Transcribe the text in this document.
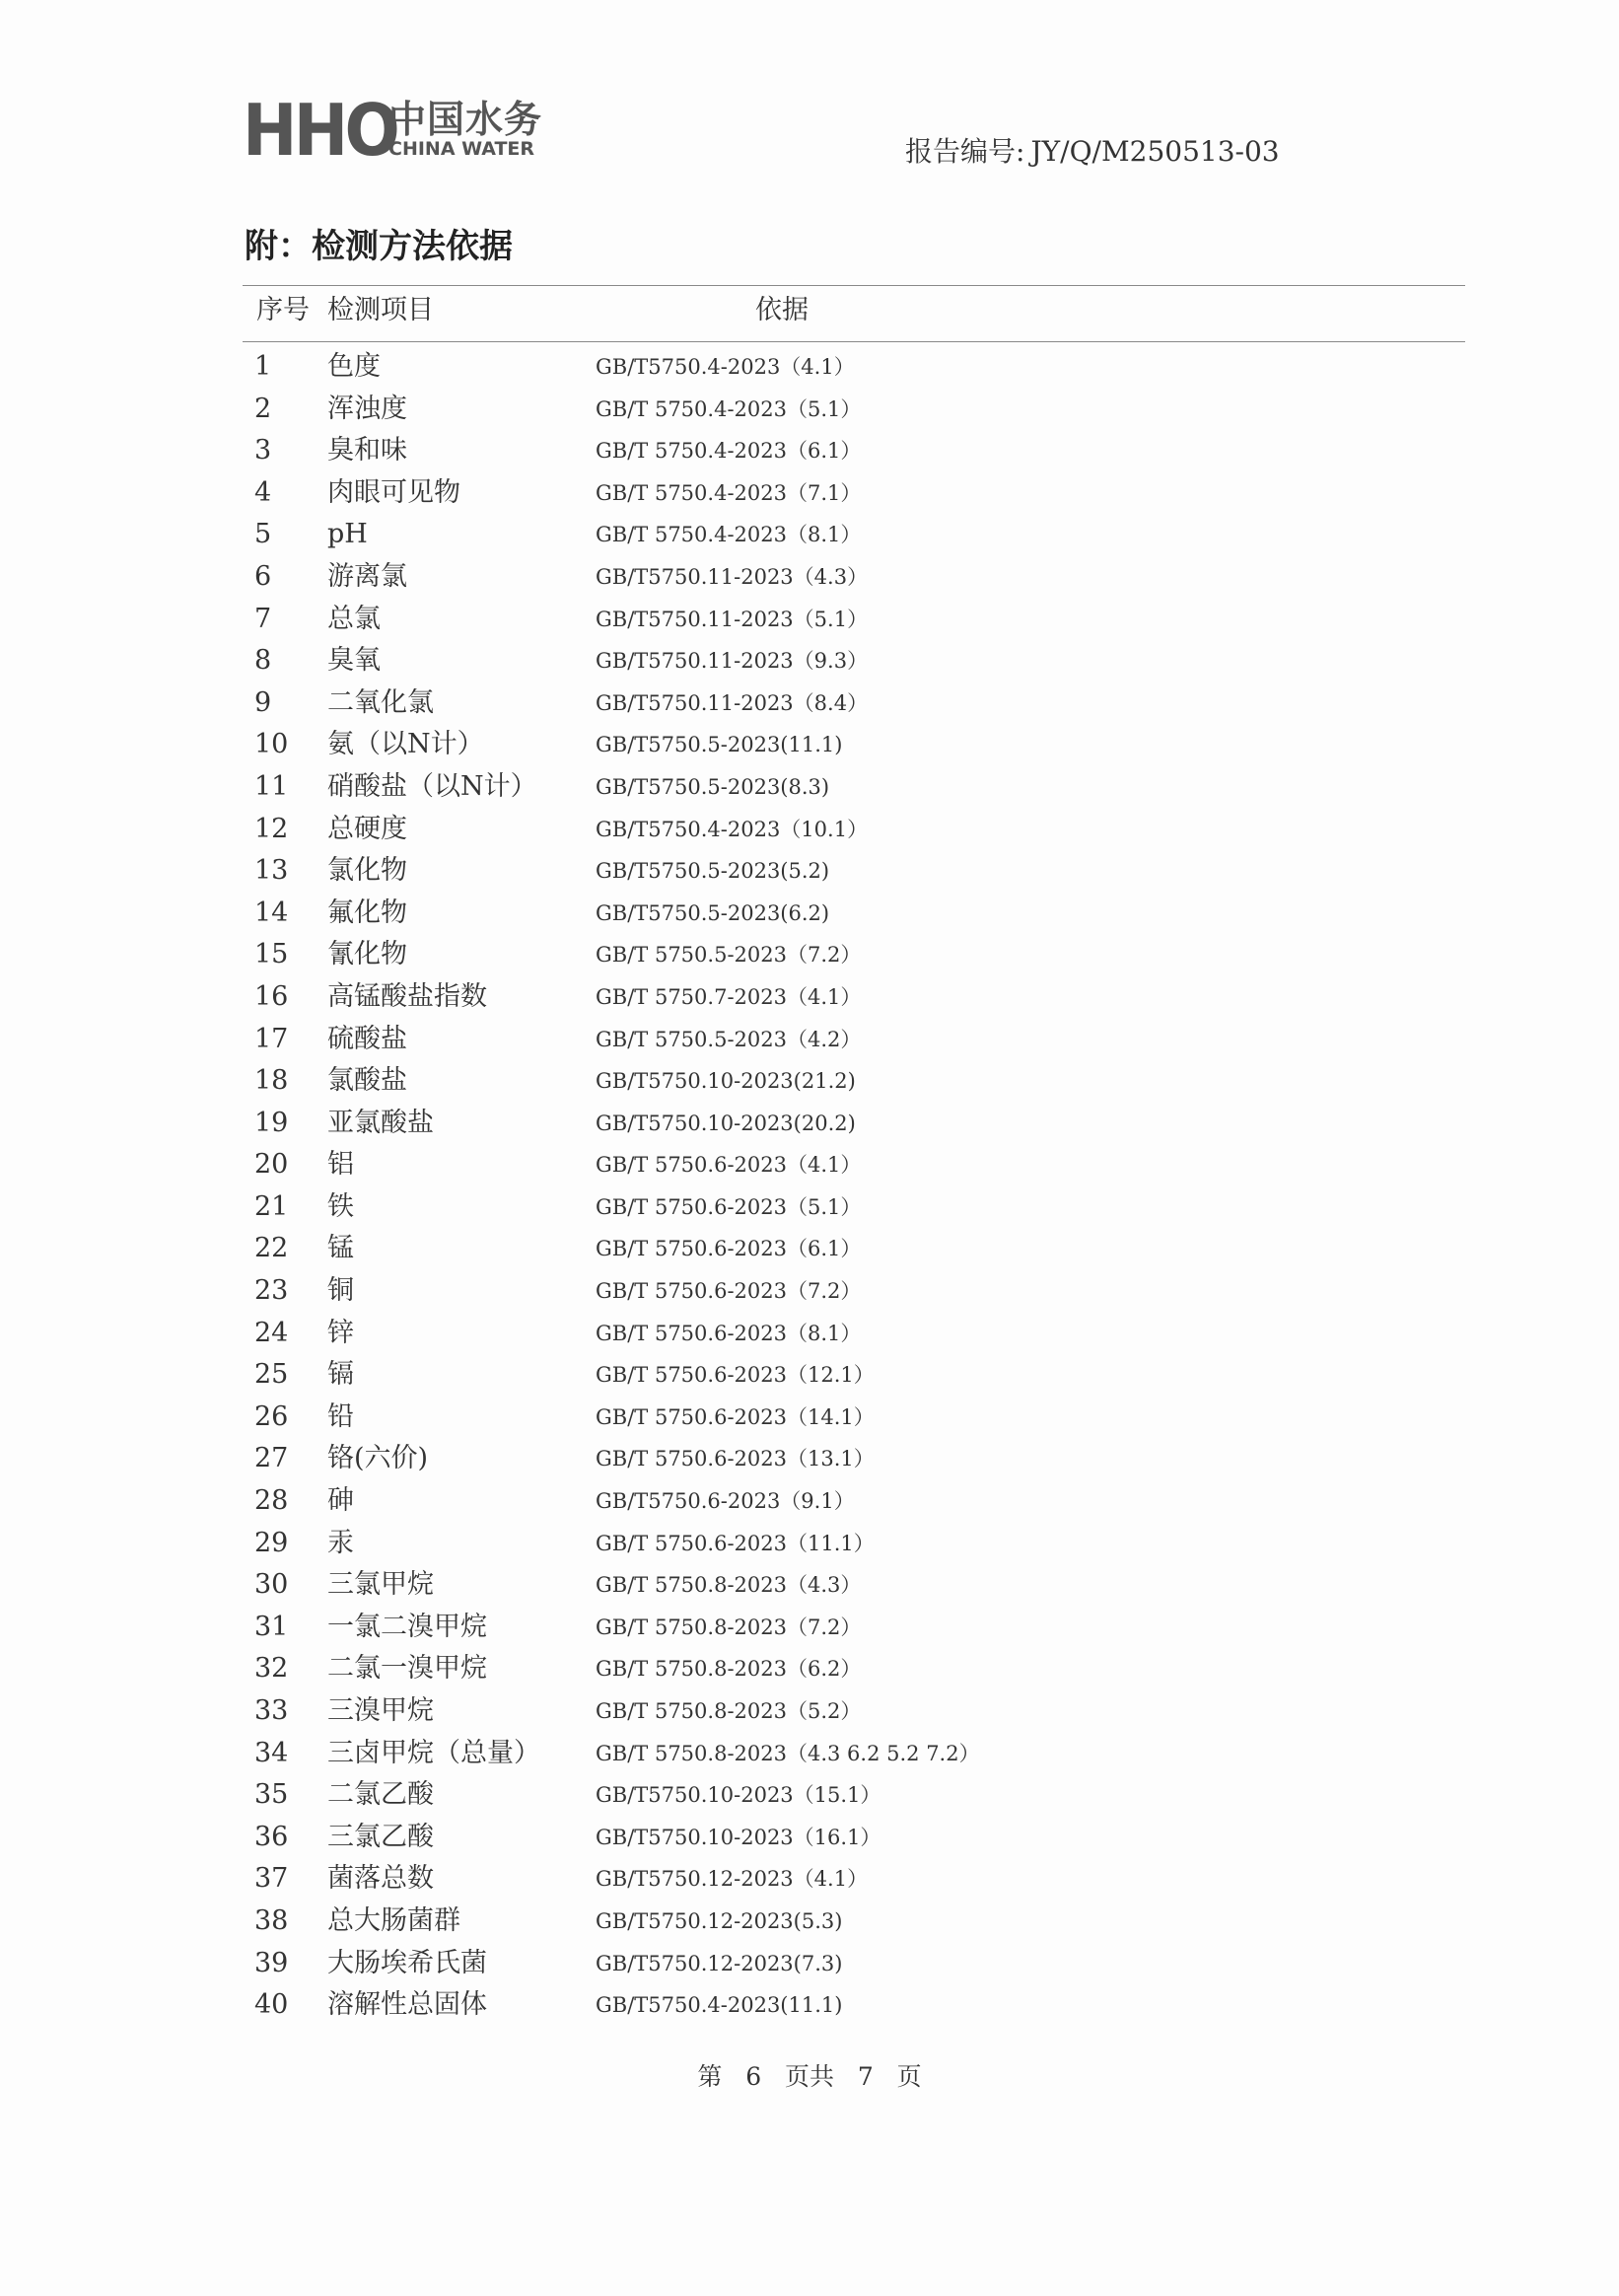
HHO
中国水务
CHINA WATER	报告编号: JY/Q/M250513-03
附：检测方法依据
序号 检测项目	依据
1	色度	GB/T5750.4-2023（4.1）
2	浑浊度	GB/T 5750.4-2023（5.1）
3	臭和味	GB/T 5750.4-2023（6.1）
4	肉眼可见物	GB/T 5750.4-2023（7.1）
5	pH	GB/T 5750.4-2023（8.1）
6	游离氯	GB/T5750.11-2023（4.3）
7	总氯	GB/T5750.11-2023（5.1）
8	臭氧	GB/T5750.11-2023（9.3）
9	二氧化氯	GB/T5750.11-2023（8.4）
10	氨（以N计）	GB/T5750.5-2023(11.1)
11	硝酸盐（以N计）	GB/T5750.5-2023(8.3)
12	总硬度	GB/T5750.4-2023（10.1）
13	氯化物	GB/T5750.5-2023(5.2)
14	氟化物	GB/T5750.5-2023(6.2)
15	氰化物	GB/T 5750.5-2023（7.2）
16	高锰酸盐指数	GB/T 5750.7-2023（4.1）
17	硫酸盐	GB/T 5750.5-2023（4.2）
18	氯酸盐	GB/T5750.10-2023(21.2)
19	亚氯酸盐	GB/T5750.10-2023(20.2)
20	铝	GB/T 5750.6-2023（4.1）
21	铁	GB/T 5750.6-2023（5.1）
22	锰	GB/T 5750.6-2023（6.1）
23	铜	GB/T 5750.6-2023（7.2）
24	锌	GB/T 5750.6-2023（8.1）
25	镉	GB/T 5750.6-2023（12.1）
26	铅	GB/T 5750.6-2023（14.1）
27	铬(六价)	GB/T 5750.6-2023（13.1）
28	砷	GB/T5750.6-2023（9.1）
29	汞	GB/T 5750.6-2023（11.1）
30	三氯甲烷	GB/T 5750.8-2023（4.3）
31	一氯二溴甲烷	GB/T 5750.8-2023（7.2）
32	二氯一溴甲烷	GB/T 5750.8-2023（6.2）
33	三溴甲烷	GB/T 5750.8-2023（5.2）
34	三卤甲烷（总量）	GB/T 5750.8-2023（4.3 6.2 5.2 7.2）
35	二氯乙酸	GB/T5750.10-2023（15.1）
36	三氯乙酸	GB/T5750.10-2023（16.1）
37	菌落总数	GB/T5750.12-2023（4.1）
38	总大肠菌群	GB/T5750.12-2023(5.3)
39	大肠埃希氏菌	GB/T5750.12-2023(7.3)
40	溶解性总固体	GB/T5750.4-2023(11.1)
第 6 页共 7 页
